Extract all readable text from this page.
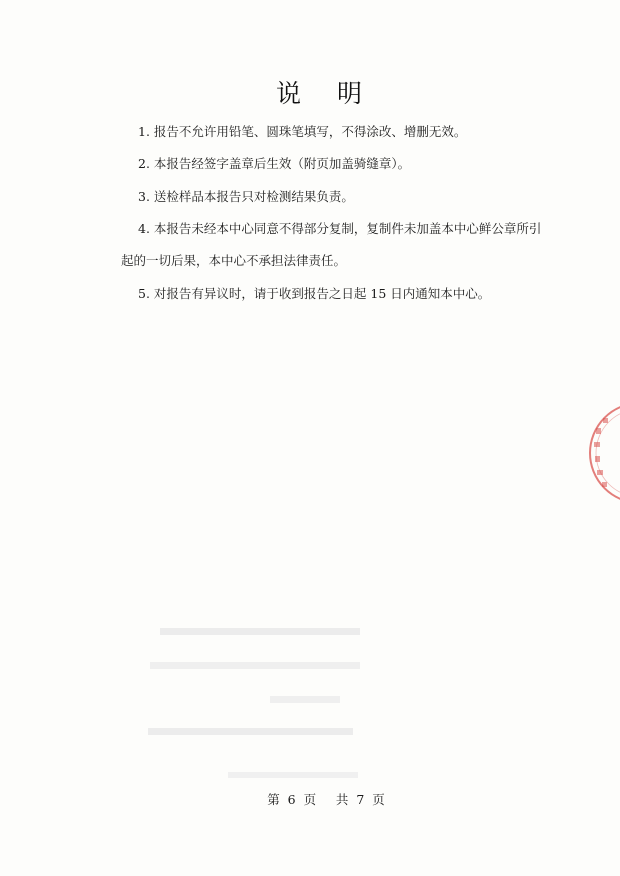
说 明
1. 报告不允许用铅笔、圆珠笔填写，不得涂改、增删无效。
2. 本报告经签字盖章后生效（附页加盖骑缝章）。
3. 送检样品本报告只对检测结果负责。
4. 本报告未经本中心同意不得部分复制，复制件未加盖本中心鲜公章所引
起的一切后果，本中心不承担法律责任。
5. 对报告有异议时，请于收到报告之日起 15 日内通知本中心。
第  6  页     共  7  页
